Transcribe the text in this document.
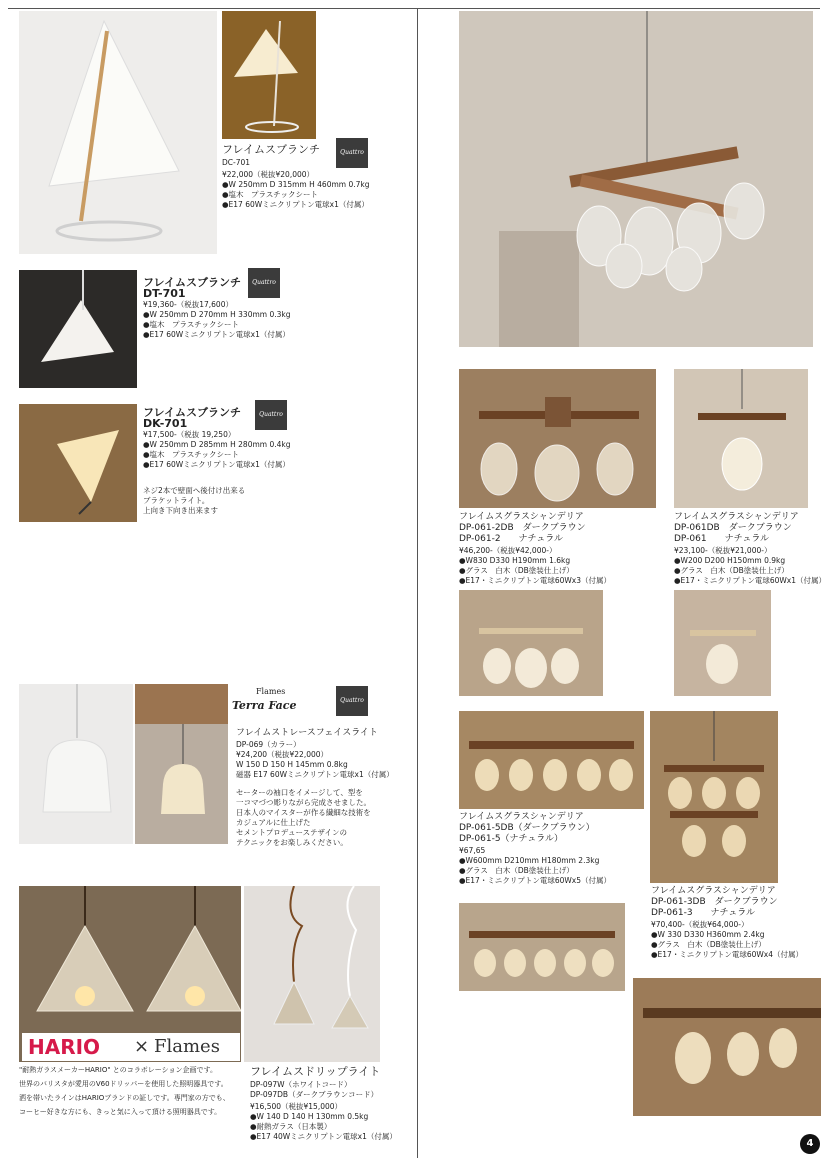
Quattro
フレイムスブランチ
DC-701
¥22,000（税抜¥20,000）
●W 250mm D 315mm H 460mm 0.7kg
●塩木　プラスチックシート
●E17 60Wミニクリプトン電球x1（付属）
フレイムスブランチ	Quattro
DT-701
¥19,360-（税抜17,600）
●W 250mm D 270mm H 330mm 0.3kg
●塩木　プラスチックシート
●E17 60Wミニクリプトン電球x1（付属）
フレイムスブランチ	Quattro
DK-701
¥17,500-（税抜 19,250）
●W 250mm D 285mm H 280mm 0.4kg
●塩木　プラスチックシート
●E17 60Wミニクリプトン電球x1（付属）
ネジ2本で壁面へ後付け出来る
ブラケットライト。
上向き下向き出来ます
Flames
Terra Face	Quattro
フレイムストレースフェイスライト
DP-069（カラー）
¥24,200（税抜¥22,000）
W 150 D 150 H 145mm 0.8kg
磁器 E17 60Wミニクリプトン電球x1（付属）
セーターの袖口をイメージして、型を
一コマづつ彫りながら完成させました。
日本人のマイスターが作る繊細な技術を
カジュアルに仕上げた
セメントプロデューステザインの
テクニックをお楽しみください。
HARIO × Flames
フレイムスドリップライト
DP-097W（ホワイトコード）
DP-097DB（ダークブラウンコード）
¥16,500（税抜¥15,000）
●W 140 D 140 H 130mm 0.5kg
●耐熱ガラス（日本製）
●E17 40Wミニクリプトン電球x1（付属）
"耐熱ガラスメーカーHARIO" とのコラボレーション企画です。
世界のバリスタが愛用のV60ドリッパーを使用した照明器具です。
洒を帯いたラインはHARIOブランドの証しです。専門家の方でも、
コーヒー好きな方にも、きっと気に入って頂ける照明器具です。
フレイムスグラスシャンデリア
DP-061-2DB　ダークブラウン
DP-061-2　　ナチュラル
¥46,200-（税抜¥42,000-）
●W830 D330 H190mm 1.6kg
●グラス　白木（DB塗装仕上げ）
●E17・ミニクリプトン電球60Wx3（付属）
フレイムスグラスシャンデリア
DP-061DB　ダークブラウン
DP-061　　ナチュラル
¥23,100-（税抜¥21,000-）
●W200 D200 H150mm 0.9kg
●グラス　白木（DB塗装仕上げ）
●E17・ミニクリプトン電球60Wx1（付属）
フレイムスグラスシャンデリア
DP-061-5DB（ダークブラウン）
DP-061-5（ナチュラル）
¥67,65
●W600mm D210mm H180mm 2.3kg
●グラス　白木（DB塗装仕上げ）
●E17・ミニクリプトン電球60Wx5（付属）
フレイムスグラスシャンデリア
DP-061-3DB　ダークブラウン
DP-061-3　　ナチュラル
¥70,400-（税抜¥64,000-）
●W 330 D330 H360mm 2.4kg
●グラス　白木（DB塗装仕上げ）
●E17・ミニクリプトン電球60Wx4（付属）
4
